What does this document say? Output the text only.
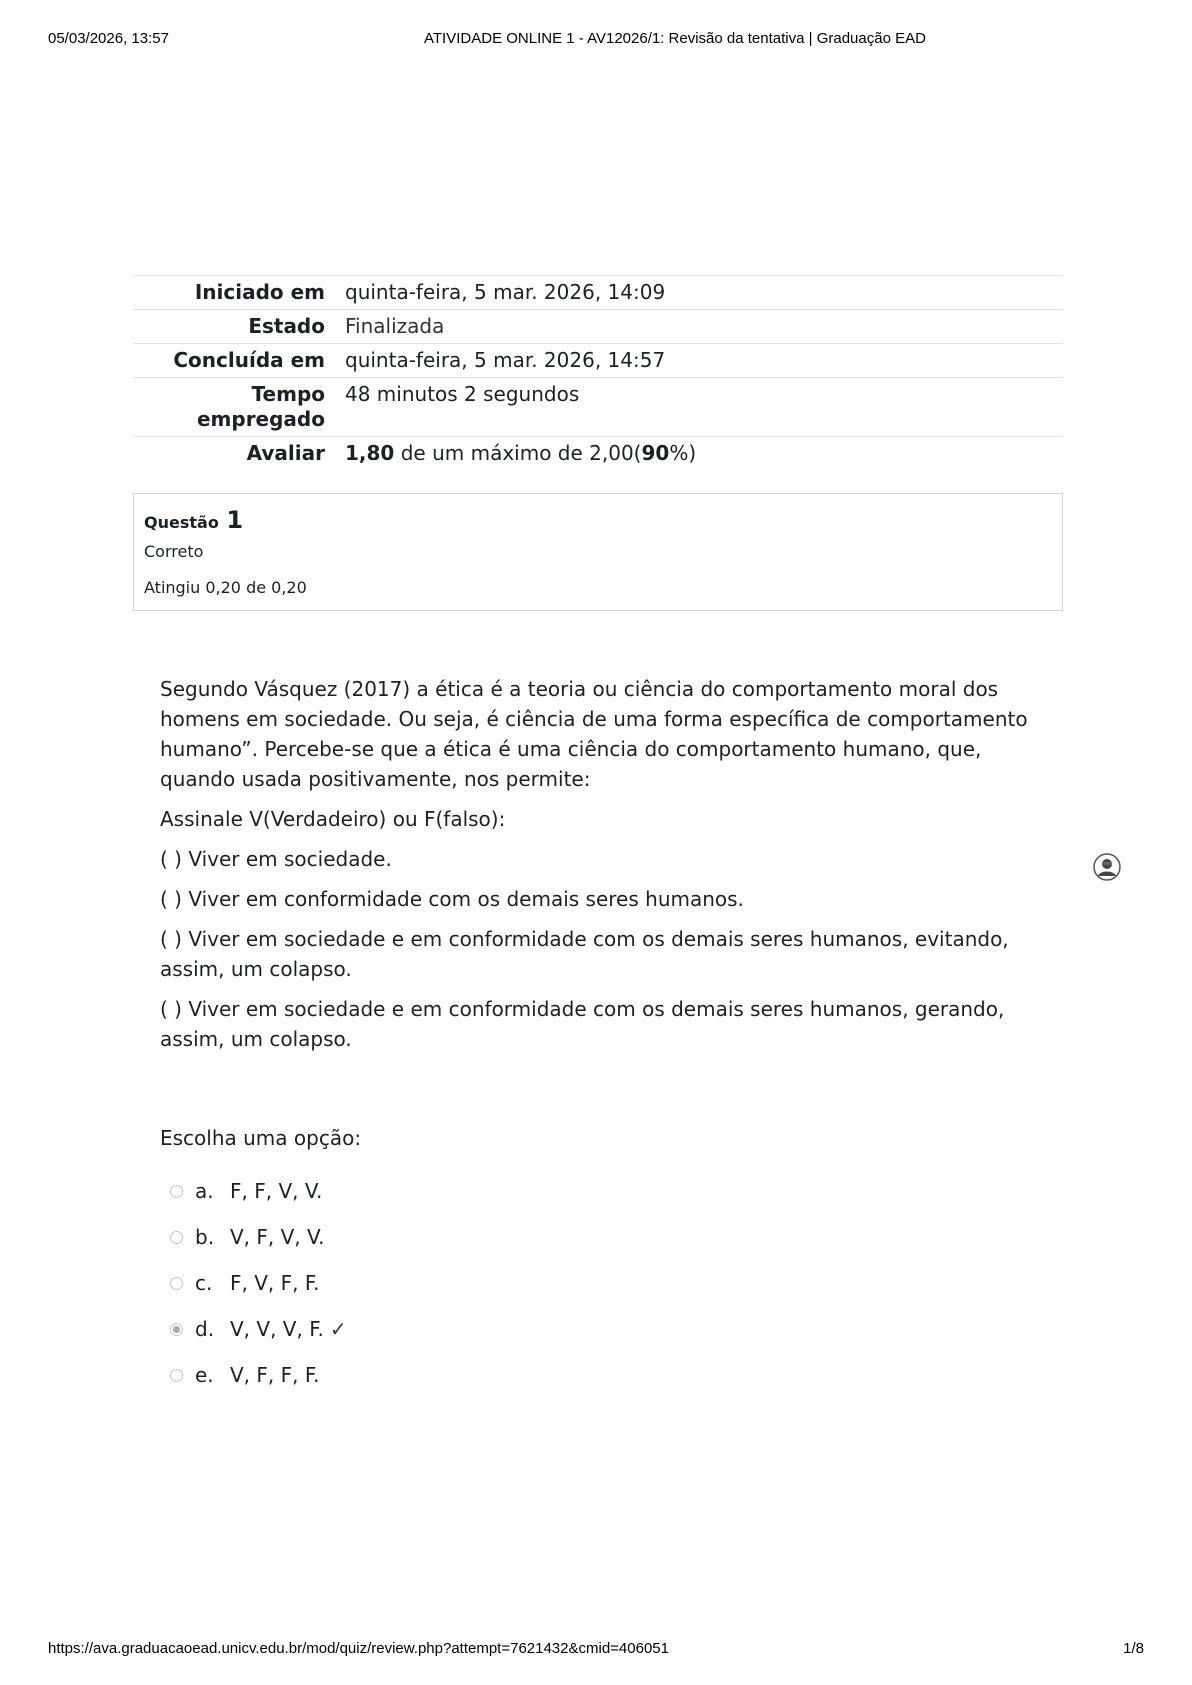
05/03/2026, 13:57	ATIVIDADE ONLINE 1 - AV12026/1: Revisão da tentativa | Graduação EAD
Iniciado em	quinta-feira, 5 mar. 2026, 14:09
Estado	Finalizada
Concluída em	quinta-feira, 5 mar. 2026, 14:57
Tempo empregado	48 minutos 2 segundos
Avaliar	1,80 de um máximo de 2,00(90%)
Questão 1
Correto
Atingiu 0,20 de 0,20

Segundo Vásquez (2017) a ética é a teoria ou ciência do comportamento moral dos homens em sociedade. Ou seja, é ciência de uma forma específica de comportamento humano”. Percebe-se que a ética é uma ciência do comportamento humano, que, quando usada positivamente, nos permite:

Assinale V(Verdadeiro) ou F(falso):

( ) Viver em sociedade.

( ) Viver em conformidade com os demais seres humanos.

( ) Viver em sociedade e em conformidade com os demais seres humanos, evitando, assim, um colapso.

( ) Viver em sociedade e em conformidade com os demais seres humanos, gerando, assim, um colapso.

Escolha uma opção:
a. F, F, V, V.
b. V, F, V, V.
c. F, V, F, F.
d. V, V, V, F. ✓
e. V, F, F, F.
https://ava.graduacaoead.unicv.edu.br/mod/quiz/review.php?attempt=7621432&cmid=406051	1/8
